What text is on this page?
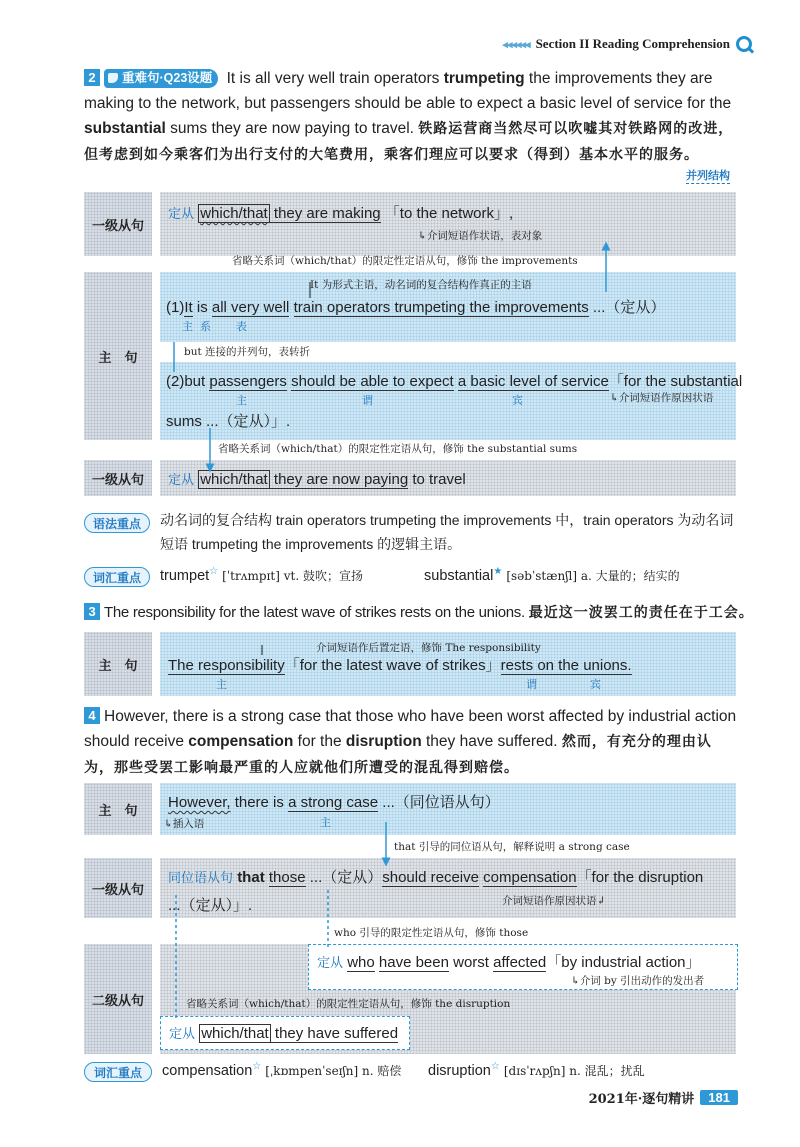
◂◂◂◂◂◂ Section II Reading Comprehension
2 重难句·Q23设题 It is all very well train operators trumpeting the improvements they are making to the network, but passengers should be able to expect a basic level of service for the substantial sums they are now paying to travel. 铁路运营商当然尽可以吹嘘其对铁路网的改进，但考虑到如今乘客们为出行支付的大笔费用，乘客们理应可以要求（得到）基本水平的服务。
并列结构
一级从句
定从 which/that they are making 「to the network」,
↳介词短语作状语，表对象
省略关系词（which/that）的限定性定语从句，修饰 the improvements
主　句
It 为形式主语，动名词的复合结构作真正的主语
(1)It is all very well train operators trumpeting the improvements ...（定从）
主 系 表
but 连接的并列句，表转折
(2)but passengers should be able to expect a basic level of service「for the substantial
主	谓	宾	↳介词短语作原因状语
sums ...（定从）」.
省略关系词（which/that）的限定性定语从句，修饰 the substantial sums
一级从句	定从 which/that they are now paying to travel
语法重点	动名词的复合结构 train operators trumpeting the improvements 中，train operators 为动名词短语 trumpeting the improvements 的逻辑主语。
词汇重点	trumpet☆ [ˈtrʌmpɪt] vt. 鼓吹；宣扬	substantial★ [səbˈstænʃl] a. 大量的；结实的
3 The responsibility for the latest wave of strikes rests on the unions. 最近这一波罢工的责任在于工会。
主　句
介词短语作后置定语，修饰 The responsibility
The responsibility「for the latest wave of strikes」rests on the unions.
主	谓	宾
4 However, there is a strong case that those who have been worst affected by industrial action should receive compensation for the disruption they have suffered. 然而，有充分的理由认为，那些受罢工影响最严重的人应就他们所遭受的混乱得到赔偿。
主　句	However, there is a strong case ...（同位语从句）
↳插入语	主
that 引导的同位语从句，解释说明 a strong case
一级从句
同位语从句 that those ...（定从）should receive compensation「for the disruption
...（定从）」.	介词短语作原因状语↲
who 引导的限定性定语从句，修饰 those
二级从句
定从 who have been worst affected「by industrial action」
↳介词 by 引出动作的发出者
省略关系词（which/that）的限定性定语从句，修饰 the disruption
定从 which/that they have suffered
词汇重点	compensation☆ [ˌkɒmpenˈseɪʃn] n. 赔偿 disruption☆ [dɪsˈrʌpʃn] n. 混乱；扰乱
2021年·逐句精讲	181
